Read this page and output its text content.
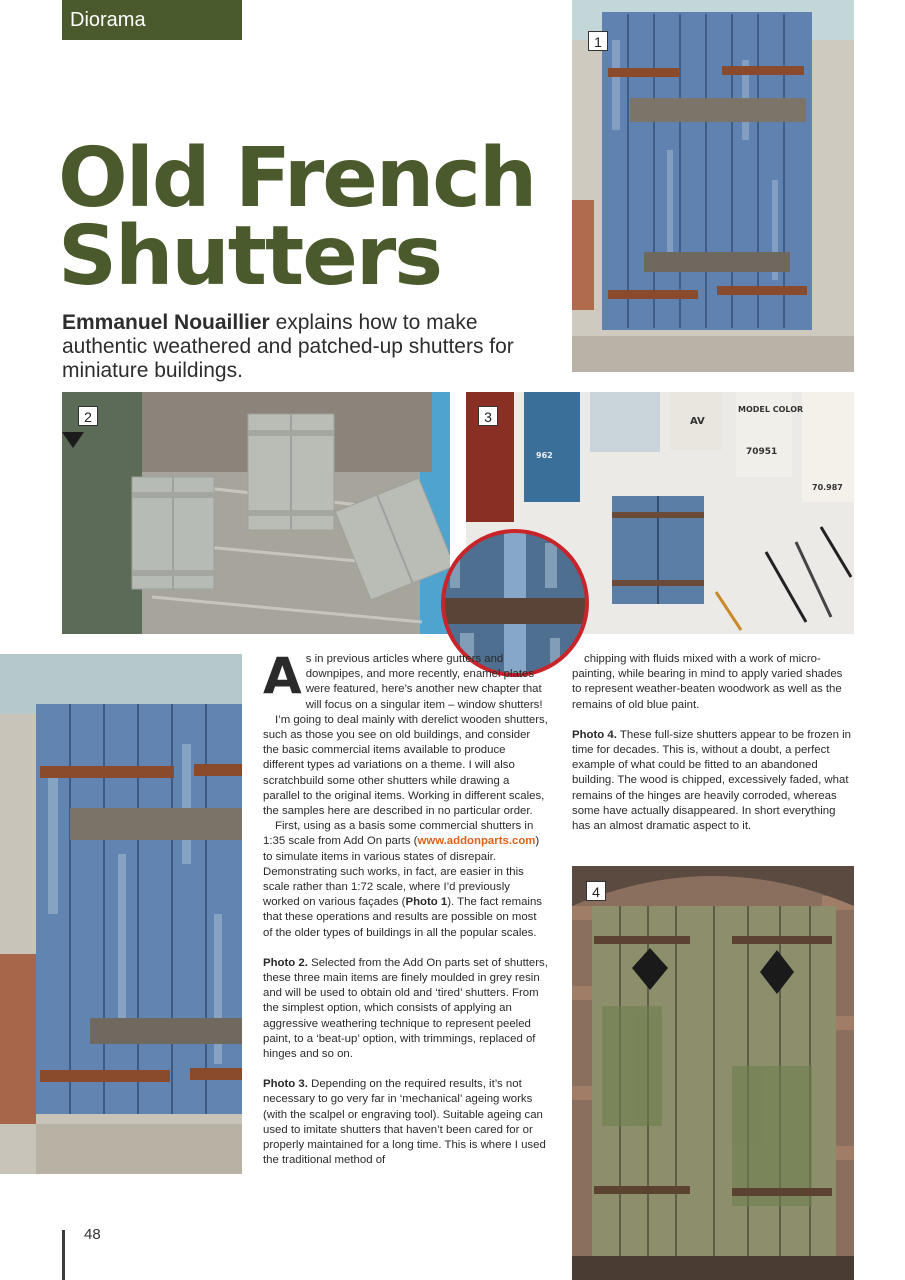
Diorama
Old French
Shutters
Emmanuel Nouaillier explains how to make authentic weathered and patched-up shutters for miniature buildings.
1
2	AV
MODEL COLOR
70951
70.987
962
3
4

As in previous articles where gutters and downpipes, and more recently, enamel plates were featured, here’s another new chapter that will focus on a singular item – window shutters!

I’m going to deal mainly with derelict wooden shutters, such as those you see on old buildings, and consider the basic commercial items available to produce different types ad variations on a theme. I will also scratchbuild some other shutters while drawing a parallel to the original items. Working in different scales, the samples here are described in no particular order.

First, using as a basis some commercial shutters in 1:35 scale from Add On parts (www.addonparts.com) to simulate items in various states of disrepair. Demonstrating such works, in fact, are easier in this scale rather than 1:72 scale, where I’d previously worked on various façades (Photo 1). The fact remains that these operations and results are possible on most of the older types of buildings in all the popular scales.

Photo 2. Selected from the Add On parts set of shutters, these three main items are finely moulded in grey resin and will be used to obtain old and ‘tired’ shutters. From the simplest option, which consists of applying an aggressive weathering technique to represent peeled paint, to a ‘beat-up’ option, with trimmings, replaced of hinges and so on.

Photo 3. Depending on the required results, it’s not necessary to go very far in ‘mechanical’ ageing works (with the scalpel or engraving tool). Suitable ageing can used to imitate shutters that haven’t been cared for or properly maintained for a long time. This is where I used the traditional method of

chipping with fluids mixed with a work of micro-painting, while bearing in mind to apply varied shades to represent weather-beaten woodwork as well as the remains of old blue paint.

Photo 4. These full-size shutters appear to be frozen in time for decades. This is, without a doubt, a perfect example of what could be fitted to an abandoned building. The wood is chipped, excessively faded, what remains of the hinges are heavily corroded, whereas some have actually disappeared. In short everything has an almost dramatic aspect to it.

48
